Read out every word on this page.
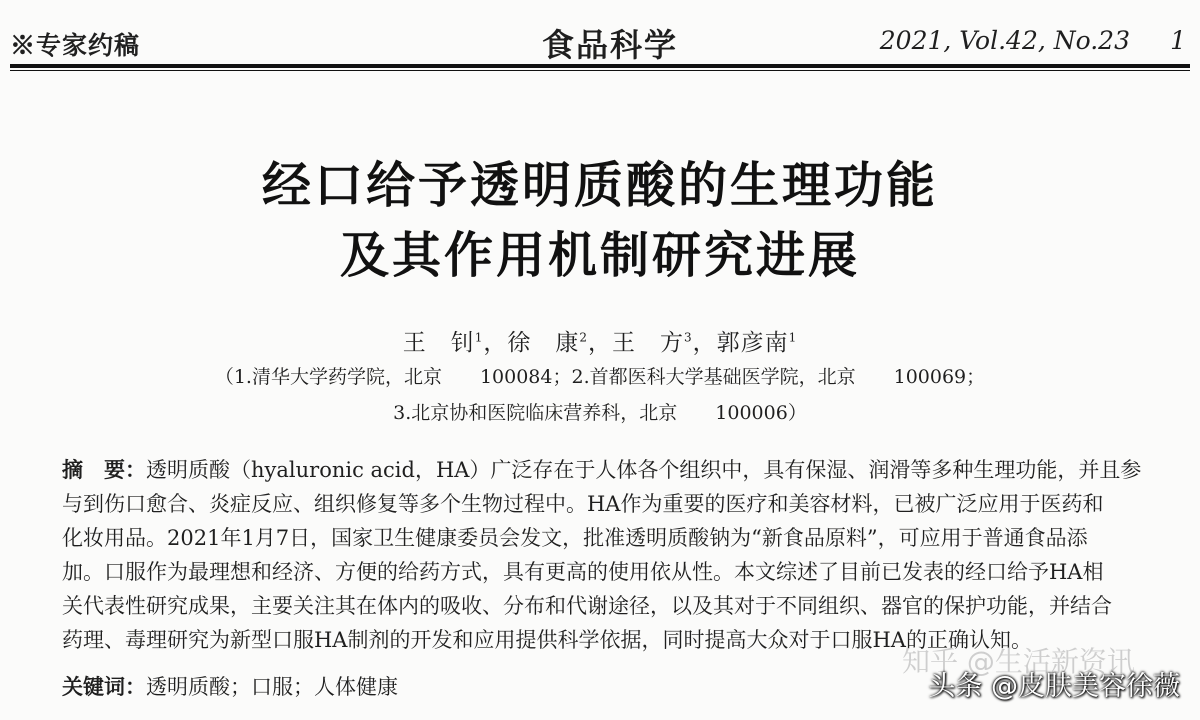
※专家约稿	食品科学	2021, Vol.42, No.23 1
经口给予透明质酸的生理功能
及其作用机制研究进展
王　钊$^1$，徐　康$^2$，王　方$^3$，郭彦南$^1$
（1.清华大学药学院，北京　　100084；2.首都医科大学基础医学院，北京　　100069；
3.北京协和医院临床营养科，北京　　100006）
摘　要：透明质酸（hyaluronic acid，HA）广泛存在于人体各个组织中，具有保湿、润滑等多种生理功能，并且参
与到伤口愈合、炎症反应、组织修复等多个生物过程中。HA作为重要的医疗和美容材料，已被广泛应用于医药和
化妆用品。2021年1月7日，国家卫生健康委员会发文，批准透明质酸钠为“新食品原料”，可应用于普通食品添
加。口服作为最理想和经济、方便的给药方式，具有更高的使用依从性。本文综述了目前已发表的经口给予HA相
关代表性研究成果，主要关注其在体内的吸收、分布和代谢途径，以及其对于不同组织、器官的保护功能，并结合
药理、毒理研究为新型口服HA制剂的开发和应用提供科学依据，同时提高大众对于口服HA的正确认知。
关键词：透明质酸；口服；人体健康
知乎 @生活新资讯
头条 @皮肤美容徐薇
